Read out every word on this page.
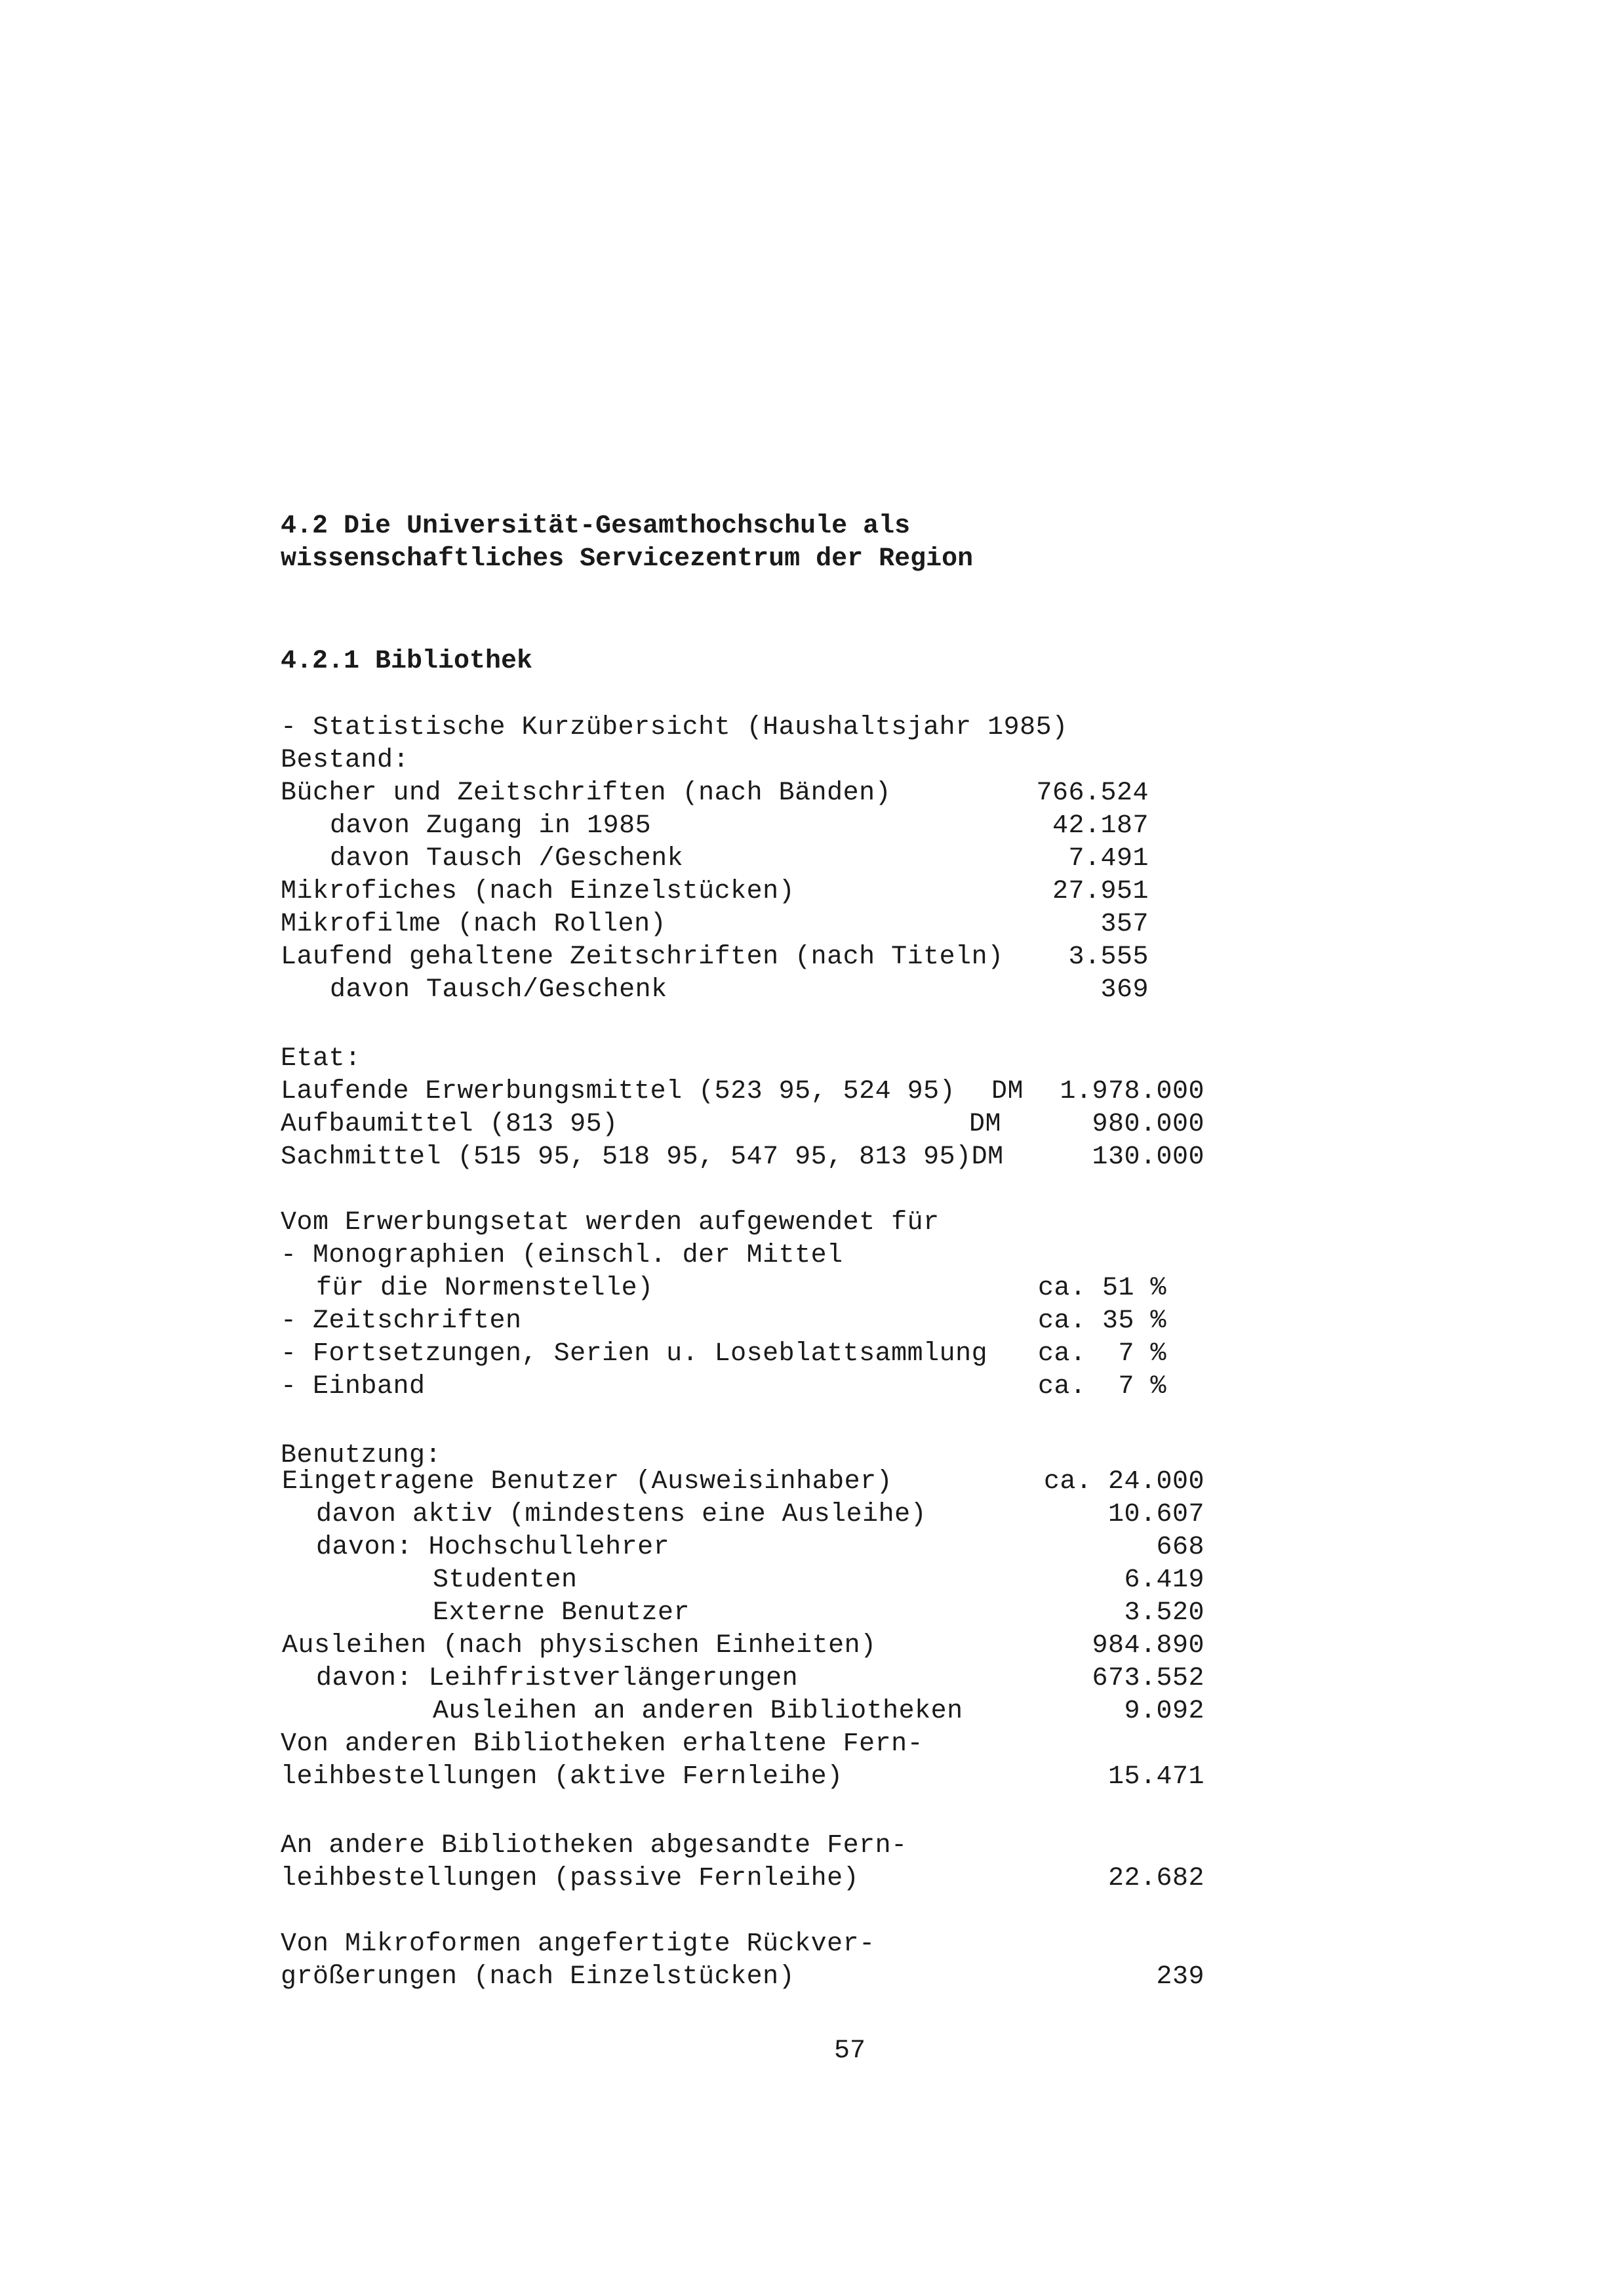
4.2 Die Universität-Gesamthochschule als
wissenschaftliches Servicezentrum der Region
4.2.1 Bibliothek
- Statistische Kurzübersicht (Haushaltsjahr 1985)
Bestand:
Bücher und Zeitschriften (nach Bänden)	766.524
davon Zugang in 1985	42.187
davon Tausch /Geschenk	7.491
Mikrofiches (nach Einzelstücken)	27.951
Mikrofilme (nach Rollen)	357
Laufend gehaltene Zeitschriften (nach Titeln) 3.555
davon Tausch/Geschenk	369
Etat:
Laufende Erwerbungsmittel (523 95, 524 95) DM 1.978.000
Aufbaumittel (813 95)	DM	980.000
Sachmittel (515 95, 518 95, 547 95, 813 95)DM	130.000
Vom Erwerbungsetat werden aufgewendet für
- Monographien (einschl. der Mittel
für die Normenstelle)	ca. 51 %
- Zeitschriften	ca. 35 %
- Fortsetzungen, Serien u. Loseblattsammlung ca.  7 %
- Einband	ca.  7 %
Benutzung:
Eingetragene Benutzer (Ausweisinhaber)	ca. 24.000
davon aktiv (mindestens eine Ausleihe)	10.607
davon: Hochschullehrer	668
Studenten	6.419
Externe Benutzer	3.520
Ausleihen (nach physischen Einheiten)	984.890
davon: Leihfristverlängerungen	673.552
Ausleihen an anderen Bibliotheken	9.092
Von anderen Bibliotheken erhaltene Fern-
leihbestellungen (aktive Fernleihe)	15.471
An andere Bibliotheken abgesandte Fern-
leihbestellungen (passive Fernleihe)	22.682
Von Mikroformen angefertigte Rückver-
größerungen (nach Einzelstücken)	239
57
